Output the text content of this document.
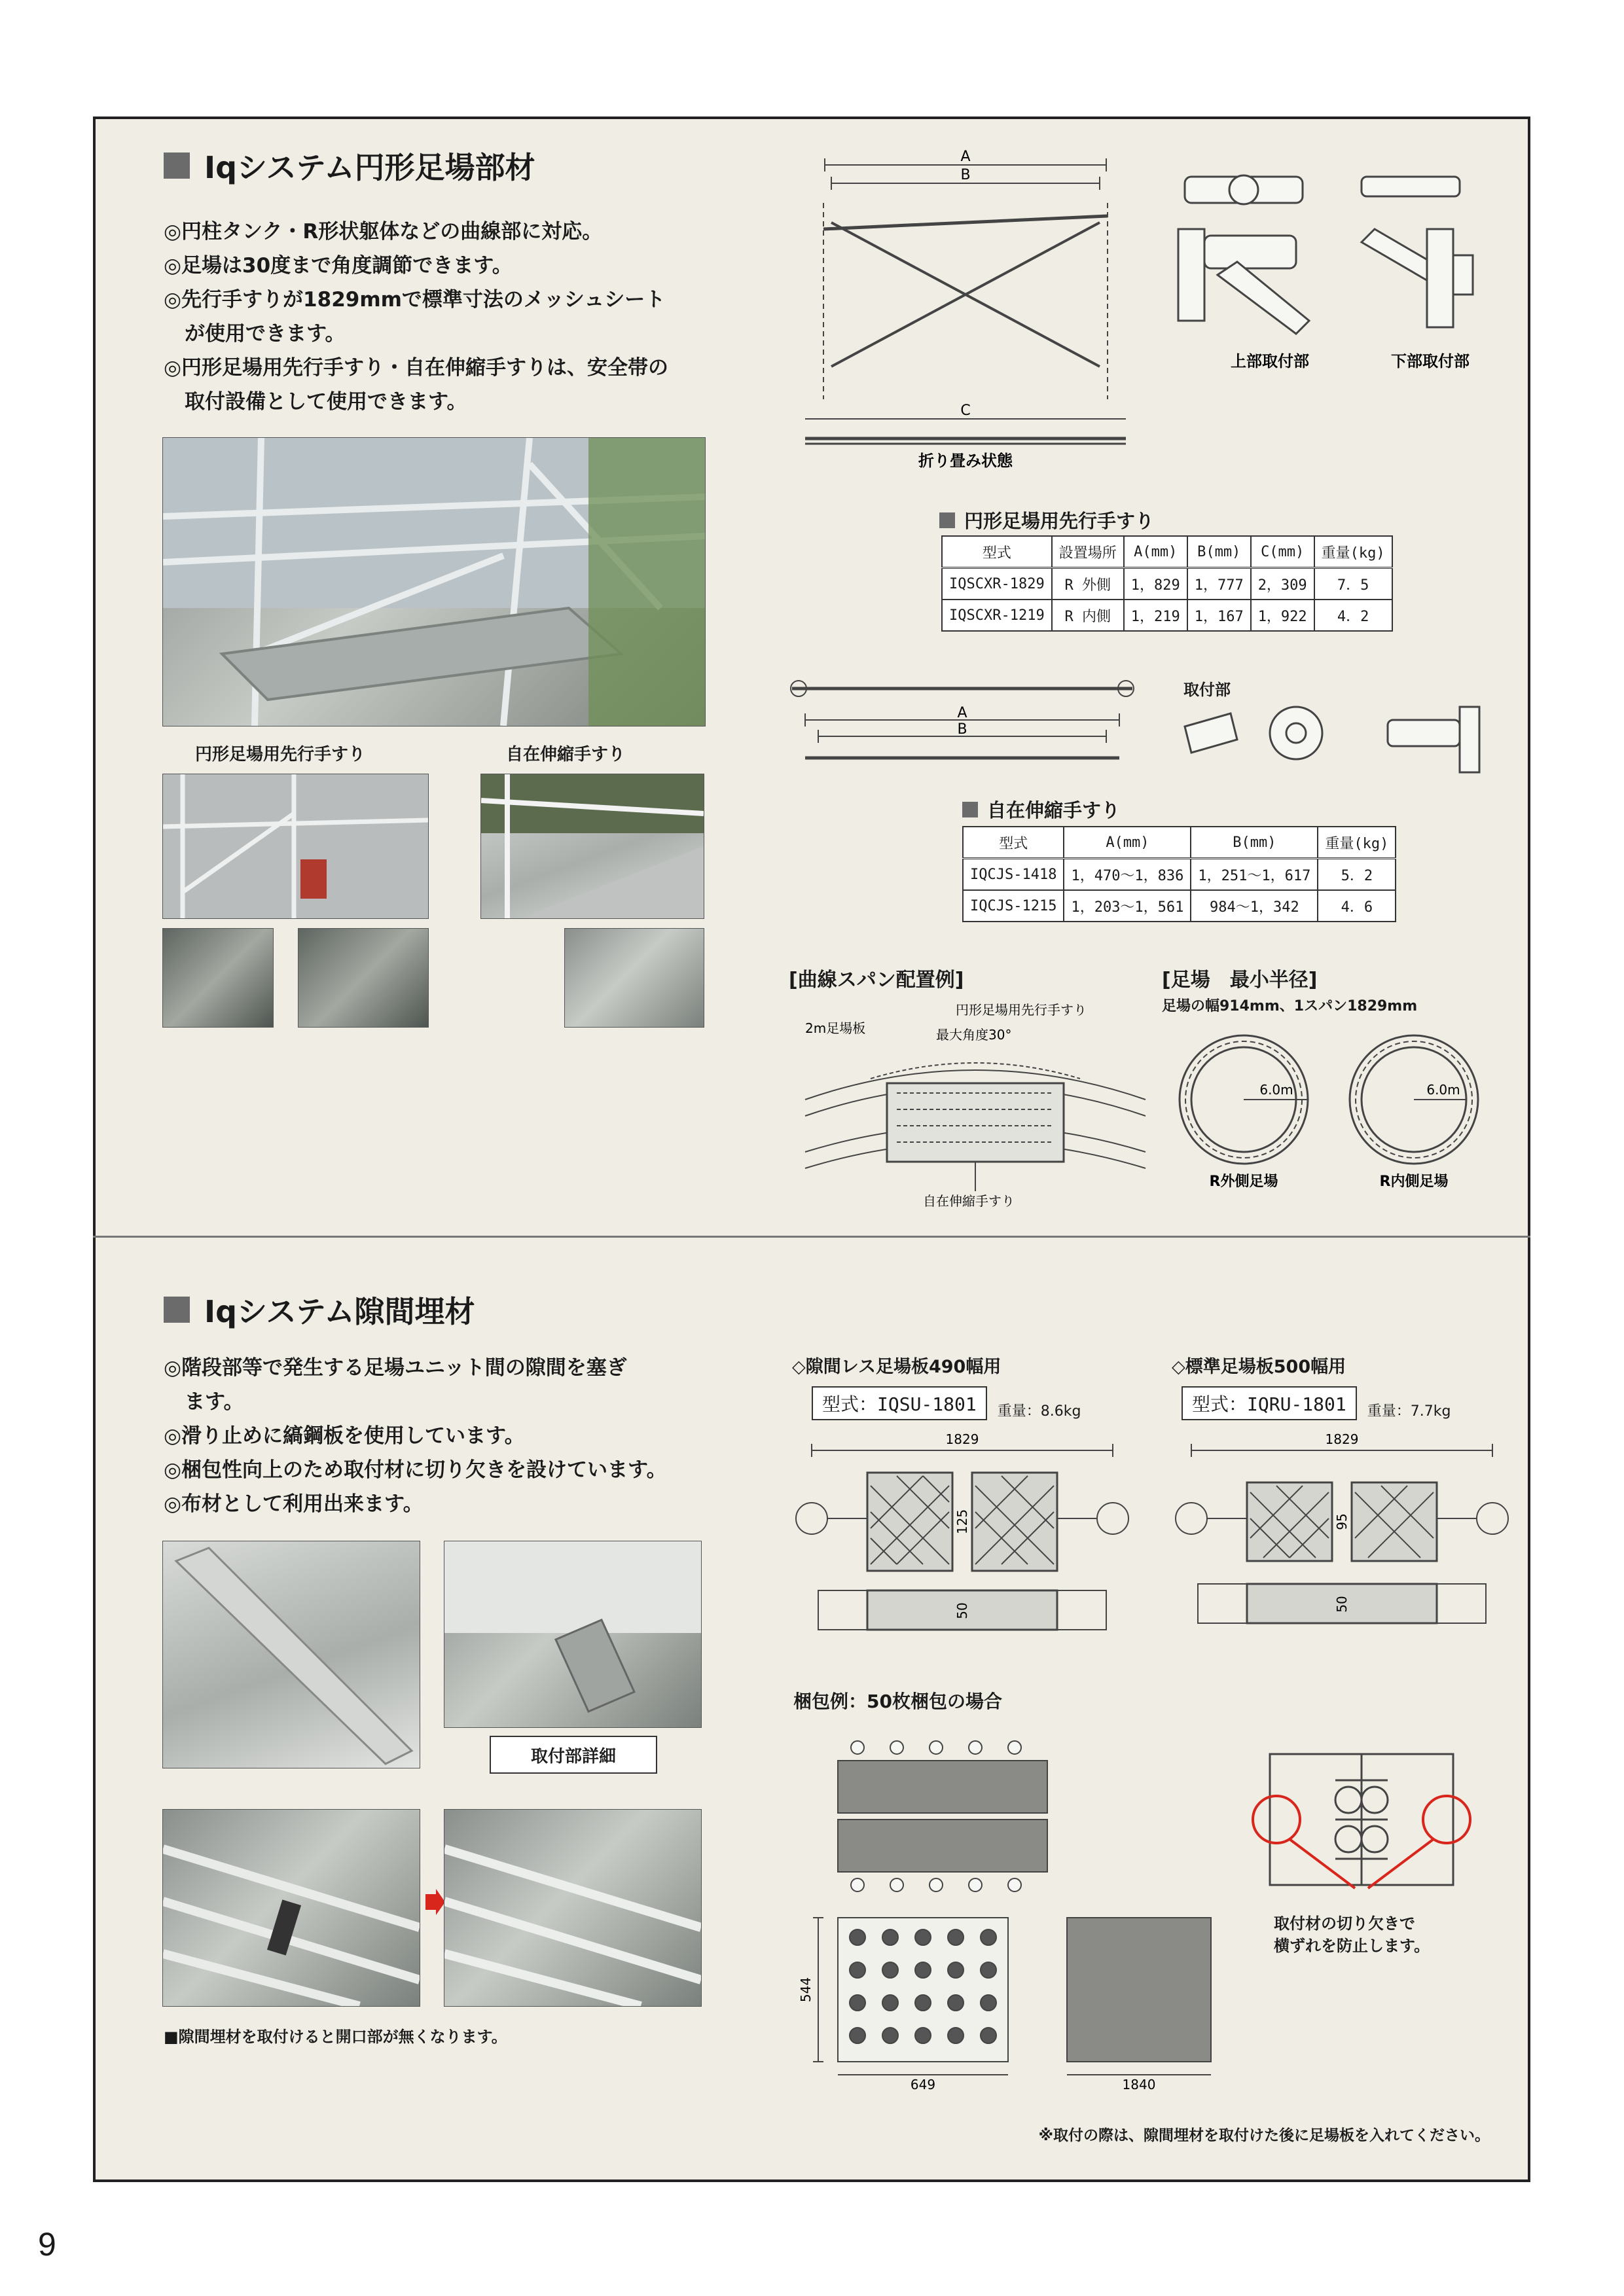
Iqシステム円形足場部材
◎円柱タンク・R形状躯体などの曲線部に対応。
◎足場は30度まで角度調節できます。
◎先行手すりが1829mmで標準寸法のメッシュシート
が使用できます。
◎円形足場用先行手すり・自在伸縮手すりは、安全帯の
取付設備として使用できます。
円形足場用先行手すり	自在伸縮手すり
A
B
C
折り畳み状態
上部取付部	下部取付部
円形足場用先行手すり
型式	設置場所	A(mm)	B(mm)	C(mm)	重量(kg)
IQSCXR-1829	R 外側	1，829	1，777	2，309	7．5
IQSCXR-1219	R 内側	1，219	1，167	1，922	4．2
A
B
取付部
自在伸縮手すり
型式	A(mm)	B(mm)	重量(kg)
IQCJS-1418	1，470〜1，836	1，251〜1，617	5．2
IQCJS-1215	1，203〜1，561	984〜1，342	4．6
[曲線スパン配置例]
2m足場板
円形足場用先行手すり
最大角度30°
自在伸縮手すり
[足場　最小半径]
足場の幅914mm、1スパン1829mm
6.0m	6.0m
R外側足場	R内側足場
Iqシステム隙間埋材
◎階段部等で発生する足場ユニット間の隙間を塞ぎ
ます。
◎滑り止めに縞鋼板を使用しています。
◎梱包性向上のため取付材に切り欠きを設けています。
◎布材として利用出来ます。
取付部詳細
■隙間埋材を取付けると開口部が無くなります。
◇隙間レス足場板490幅用
型式：IQSU-1801	重量：8.6kg
1829
125
50
◇標準足場板500幅用
型式：IQRU-1801	重量：7.7kg
1829
95
50
梱包例：50枚梱包の場合
544
649	1840
取付材の切り欠きで
横ずれを防止します。
※取付の際は、隙間埋材を取付けた後に足場板を入れてください。
9
